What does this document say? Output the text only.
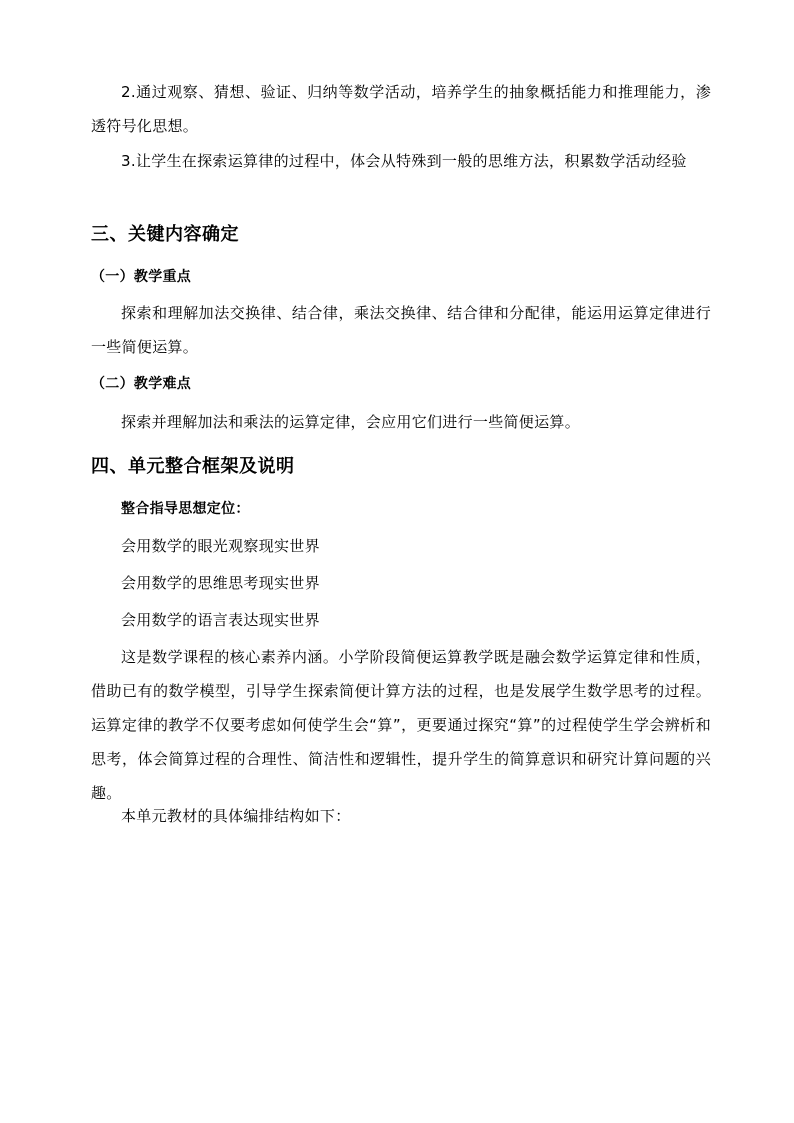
2.通过观察、猜想、验证、归纳等数学活动，培养学生的抽象概括能力和推理能力，渗透符号化思想。

3.让学生在探索运算律的过程中，体会从特殊到一般的思维方法，积累数学活动经验

三、关键内容确定
（一）教学重点

探索和理解加法交换律、结合律，乘法交换律、结合律和分配律，能运用运算定律进行一些简便运算。

（二）教学难点

探索并理解加法和乘法的运算定律，会应用它们进行一些简便运算。

四、单元整合框架及说明

整合指导思想定位：

会用数学的眼光观察现实世界

会用数学的思维思考现实世界

会用数学的语言表达现实世界

这是数学课程的核心素养内涵。小学阶段简便运算教学既是融会数学运算定律和性质，借助已有的数学模型，引导学生探索简便计算方法的过程，也是发展学生数学思考的过程。运算定律的教学不仅要考虑如何使学生会“算”，更要通过探究“算”的过程使学生学会辨析和思考，体会简算过程的合理性、简洁性和逻辑性，提升学生的简算意识和研究计算问题的兴趣。

本单元教材的具体编排结构如下：
